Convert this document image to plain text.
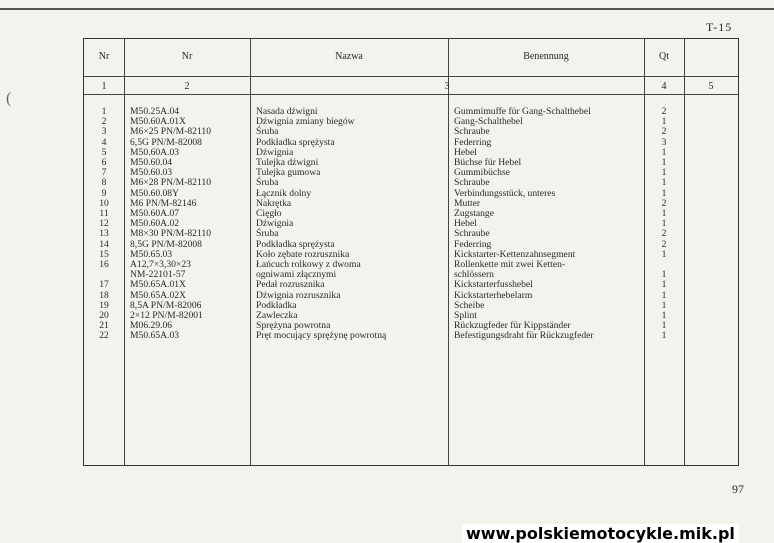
T-15
(
Nr	Nr	Nazwa	Benennung	Qt
1	2	3	4	5
1	M50.25A.04	Nasada dźwigni	Gummimuffe für Gang-Schalthebel	2
2	M50.60A.01X	Dźwignia zmiany biegów	Gang-Schalthebel	1
3	M6×25 PN/M-82110	Śruba	Schraube	2
4	6,5G PN/M-82008	Podkładka sprężysta	Federring	3
5	M50.60A.03	Dźwignia	Hebel	1
6	M50.60.04	Tulejka dźwigni	Büchse für Hebel	1
7	M50.60.03	Tulejka gumowa	Gummibüchse	1
8	M6×28 PN/M-82110	Śruba	Schraube	1
9	M50.60.08Y	Łącznik dolny	Verbindungsstück, unteres	1
10	M6 PN/M-82146	Nakrętka	Mutter	2
11	M50.60A.07	Cięgło	Zugstange	1
12	M50.60A.02	Dźwignia	Hebel	1
13	M8×30 PN/M-82110	Śruba	Schraube	2
14	8,5G PN/M-82008	Podkładka sprężysta	Federring	2
15	M50.65.03	Koło zębate rozrusznika	Kickstarter-Kettenzahnsegment	1
16	A12,7×3,30×23	Łańcuch rolkowy z dwoma	Rollenkette mit zwei Ketten-
NM-22101-57	ogniwami złącznymi	schlössern	1
17	M50.65A.01X	Pedał rozrusznika	Kickstarterfusshebel	1
18	M50.65A.02X	Dźwignia rozrusznika	Kickstarterhebelarm	1
19	8,5A PN/M-82006	Podkładka	Scheibe	1
20	2×12 PN/M-82001	Zawleczka	Splint	1
21	M06.29.06	Sprężyna powrotna	Rückzugfeder für Kippständer	1
22	M50.65A.03	Pręt mocujący sprężynę powrotną	Befestigungsdraht für Rückzugfeder	1
97
www.polskiemotocykle.mik.pl
